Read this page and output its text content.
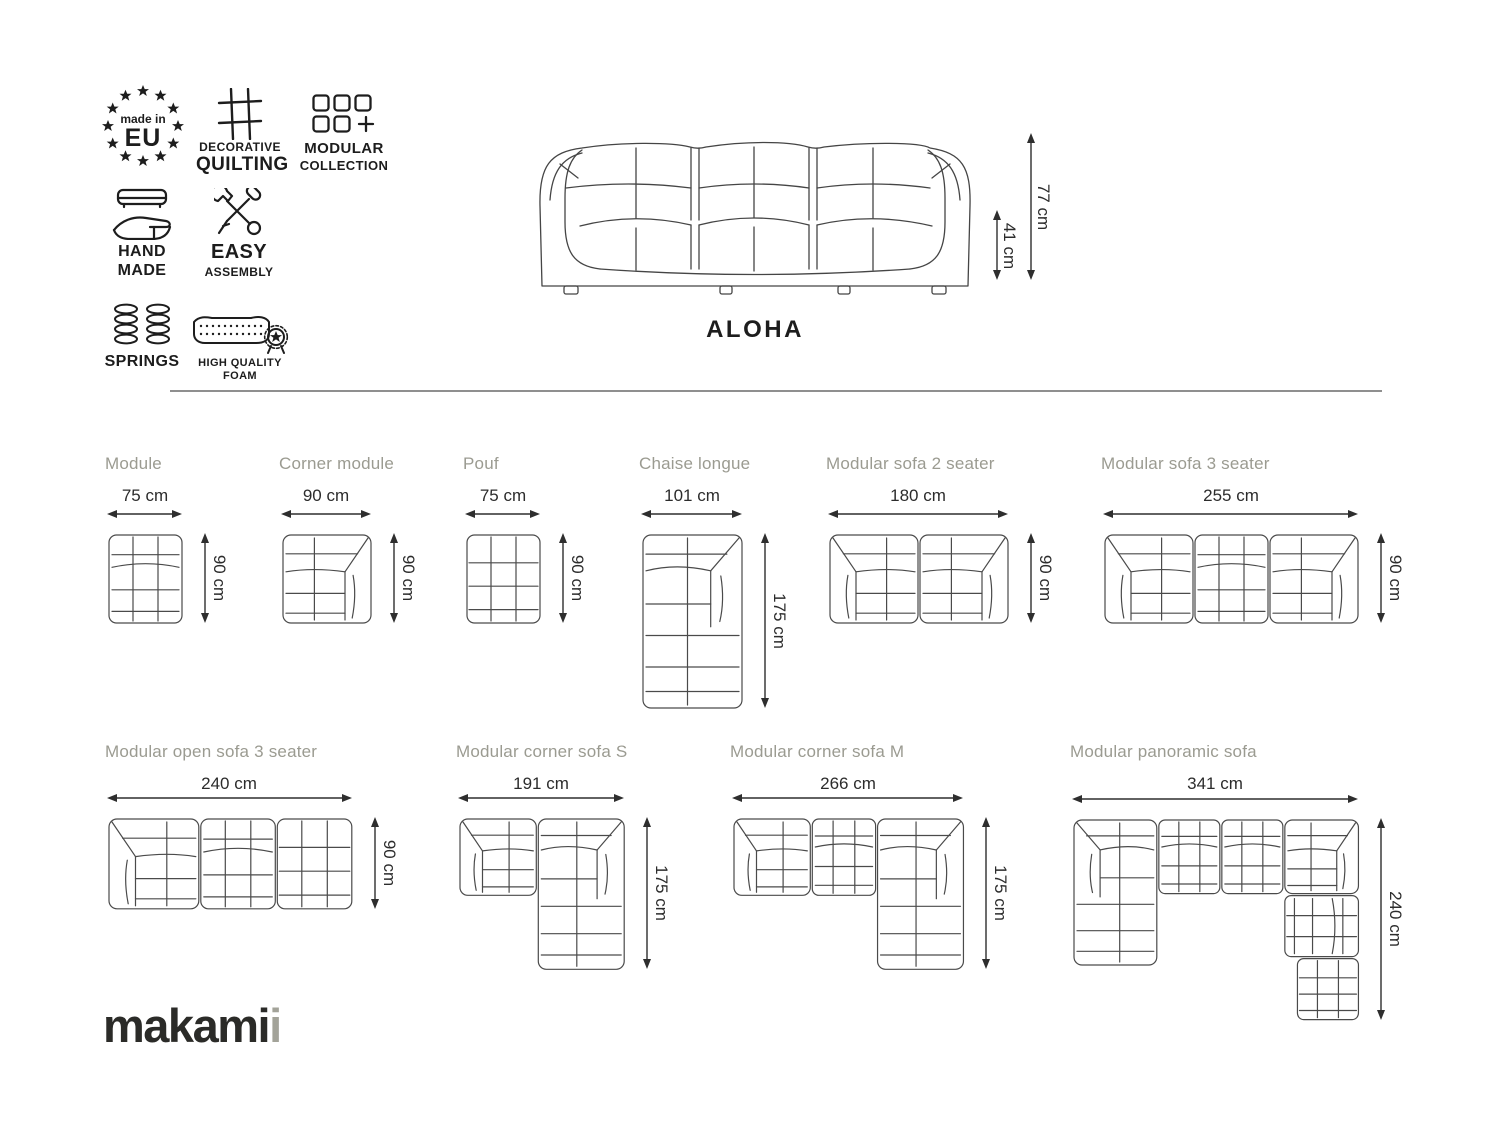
made in
EU	DECORATIVE
QUILTING
MODULAR
COLLECTION
HAND
MADE
EASY
ASSEMBLY
SPRINGS	HIGH QUALITY
FOAM
41 cm
77 cm
ALOHA
Module
75 cm
90 cm
Corner module
90 cm
90 cm
Pouf
75 cm
90 cm
Chaise longue
101 cm
175 cm
Modular sofa 2 seater
180 cm
90 cm
Modular sofa 3 seater
255 cm
90 cm
Modular open sofa 3 seater
240 cm
90 cm
Modular corner sofa S
191 cm
175 cm
Modular corner sofa M
266 cm
175 cm
Modular panoramic sofa
341 cm
240 cm
makamii
